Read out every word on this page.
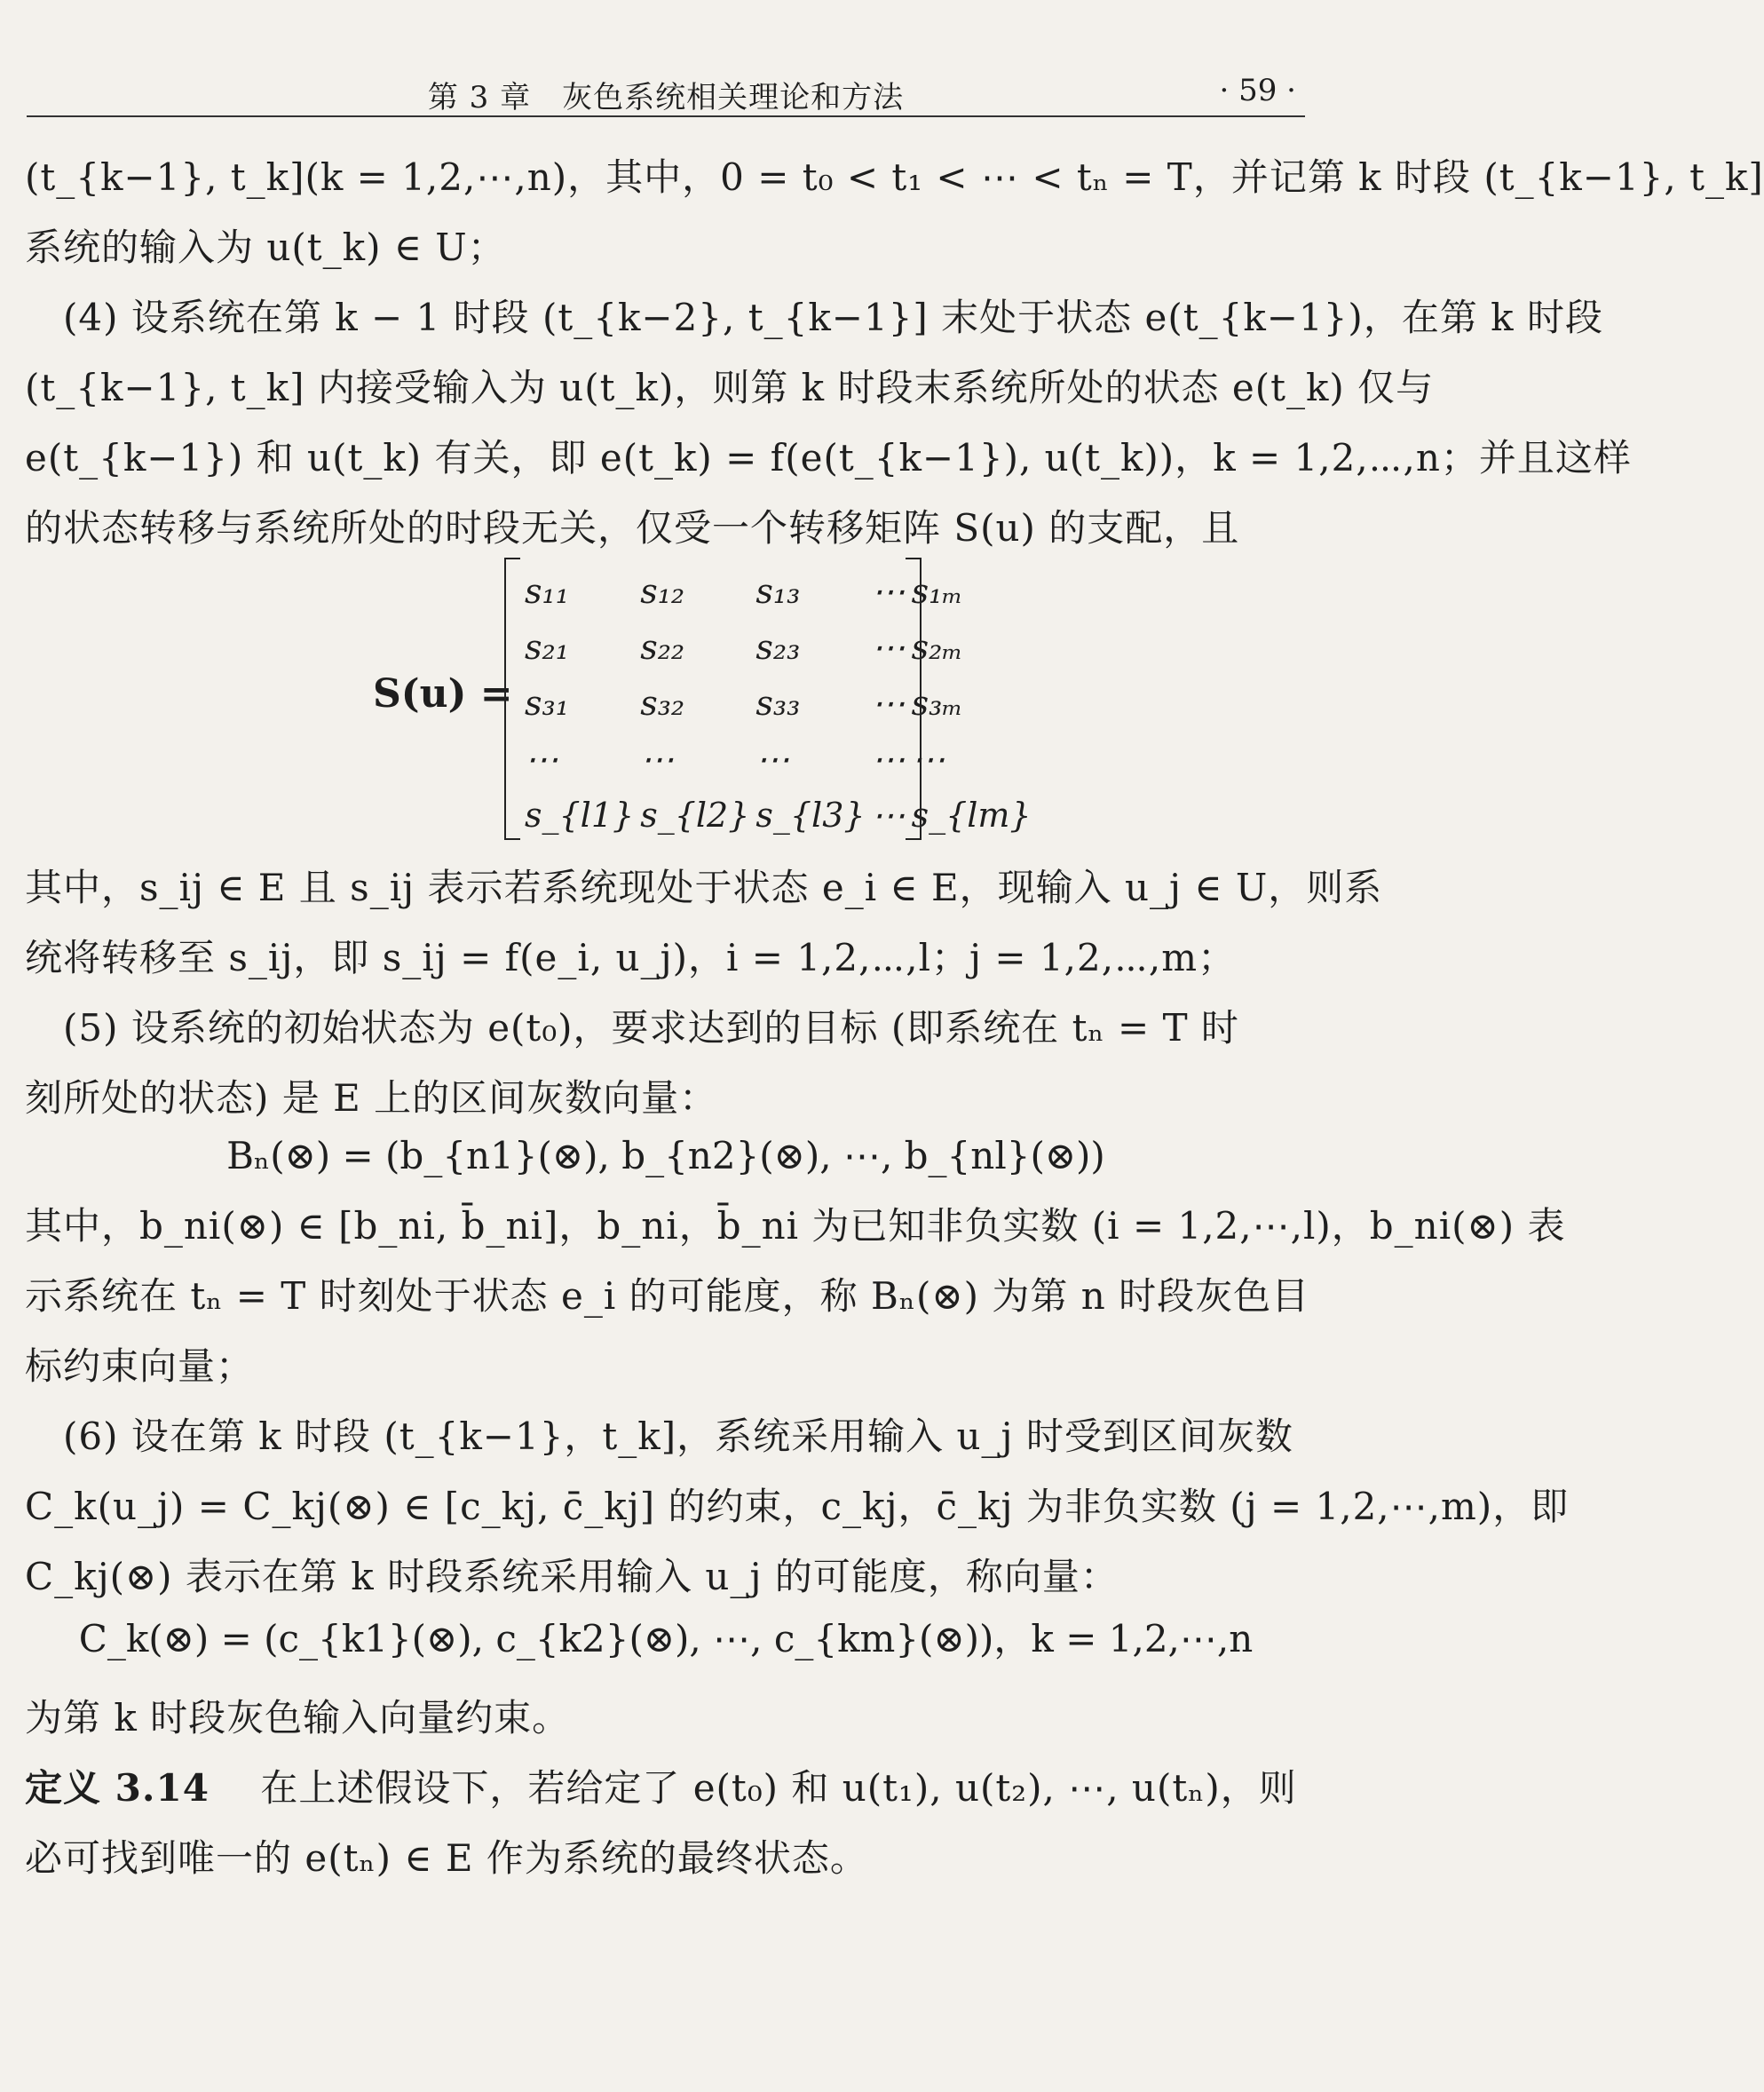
第 3 章　灰色系统相关理论和方法	· 59 ·
(t_{k−1}, t_k](k = 1,2,⋯,n)，其中，0 = t₀ < t₁ < ⋯ < tₙ = T，并记第 k 时段 (t_{k−1}, t_k]
系统的输入为 u(t_k) ∈ U；
　(4) 设系统在第 k − 1 时段 (t_{k−2}, t_{k−1}] 末处于状态 e(t_{k−1})，在第 k 时段
(t_{k−1}, t_k] 内接受输入为 u(t_k)，则第 k 时段末系统所处的状态 e(t_k) 仅与
e(t_{k−1}) 和 u(t_k) 有关，即 e(t_k) = f(e(t_{k−1}), u(t_k))，k = 1,2,⋯,n；并且这样
的状态转移与系统所处的时段无关，仅受一个转移矩阵 S(u) 的支配，且
S(u) =
s₁₁	s₁₂	s₁₃	⋯	s₁ₘ
s₂₁	s₂₂	s₂₃	⋯	s₂ₘ
s₃₁	s₃₂	s₃₃	⋯	s₃ₘ
⋯	⋯	⋯	⋯	⋯
s_{l1}	s_{l2}	s_{l3}	⋯	s_{lm}
其中，s_ij ∈ E 且 s_ij 表示若系统现处于状态 e_i ∈ E，现输入 u_j ∈ U，则系
统将转移至 s_ij，即 s_ij = f(e_i, u_j)，i = 1,2,⋯,l；j = 1,2,⋯,m；
　(5) 设系统的初始状态为 e(t₀)，要求达到的目标 (即系统在 tₙ = T 时
刻所处的状态) 是 E 上的区间灰数向量：
Bₙ(⊗) = (b_{n1}(⊗), b_{n2}(⊗), ⋯, b_{nl}(⊗))
其中，b_ni(⊗) ∈ [b_ni, b̄_ni]，b_ni，b̄_ni 为已知非负实数 (i = 1,2,⋯,l)，b_ni(⊗) 表
示系统在 tₙ = T 时刻处于状态 e_i 的可能度，称 Bₙ(⊗) 为第 n 时段灰色目
标约束向量；
　(6) 设在第 k 时段 (t_{k−1}，t_k]，系统采用输入 u_j 时受到区间灰数
C_k(u_j) = C_kj(⊗) ∈ [c_kj, c̄_kj] 的约束，c_kj，c̄_kj 为非负实数 (j = 1,2,⋯,m)，即
C_kj(⊗) 表示在第 k 时段系统采用输入 u_j 的可能度，称向量：
C_k(⊗) = (c_{k1}(⊗), c_{k2}(⊗), ⋯, c_{km}(⊗))，k = 1,2,⋯,n
为第 k 时段灰色输入向量约束。
定义 3.14 在上述假设下，若给定了 e(t₀) 和 u(t₁), u(t₂), ⋯, u(tₙ)，则
必可找到唯一的 e(tₙ) ∈ E 作为系统的最终状态。
